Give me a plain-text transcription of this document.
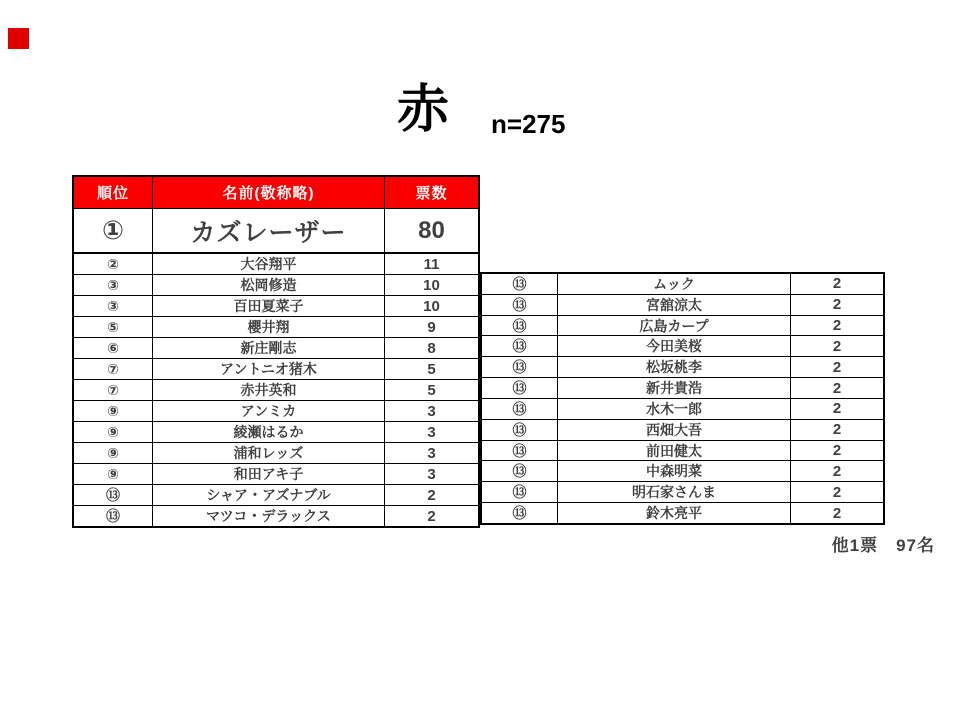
赤 n=275
順位	名前(敬称略)	票数
①	カズレーザー	80
②	大谷翔平	11
③	松岡修造	10
③	百田夏菜子	10
⑤	櫻井翔	9
⑥	新庄剛志	8
⑦	アントニオ猪木	5
⑦	赤井英和	5
⑨	アンミカ	3
⑨	綾瀬はるか	3
⑨	浦和レッズ	3
⑨	和田アキ子	3
⑬	シャア・アズナブル	2
⑬	マツコ・デラックス	2
⑬	ムック	2
⑬	宮舘涼太	2
⑬	広島カープ	2
⑬	今田美桜	2
⑬	松坂桃李	2
⑬	新井貴浩	2
⑬	水木一郎	2
⑬	西畑大吾	2
⑬	前田健太	2
⑬	中森明菜	2
⑬	明石家さんま	2
⑬	鈴木亮平	2
他1票　97名
